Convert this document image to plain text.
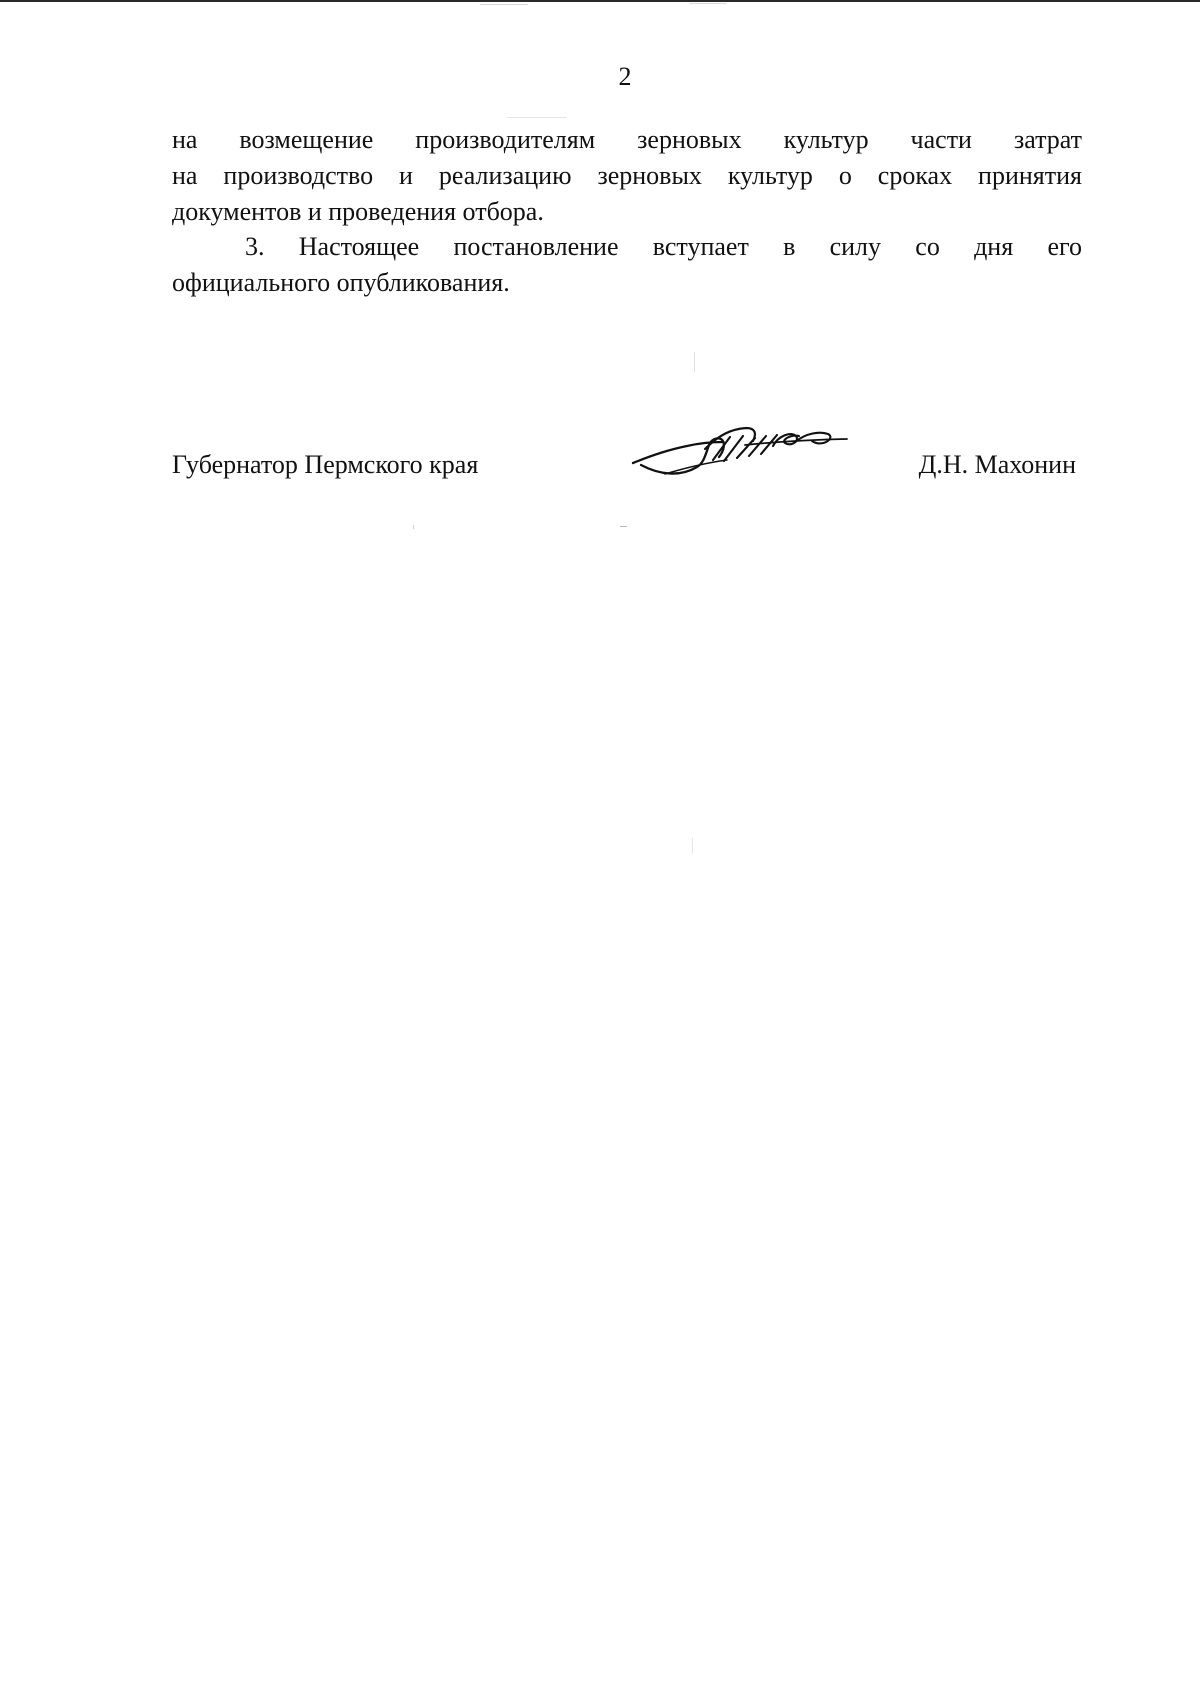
2
на возмещение производителям зерновых культур части затрат
на производство и реализацию зерновых культур о сроках принятия
документов и проведения отбора.
3. Настоящее постановление вступает в силу со дня его
официального опубликования.
Губернатор Пермского края	Д.Н. Махонин
